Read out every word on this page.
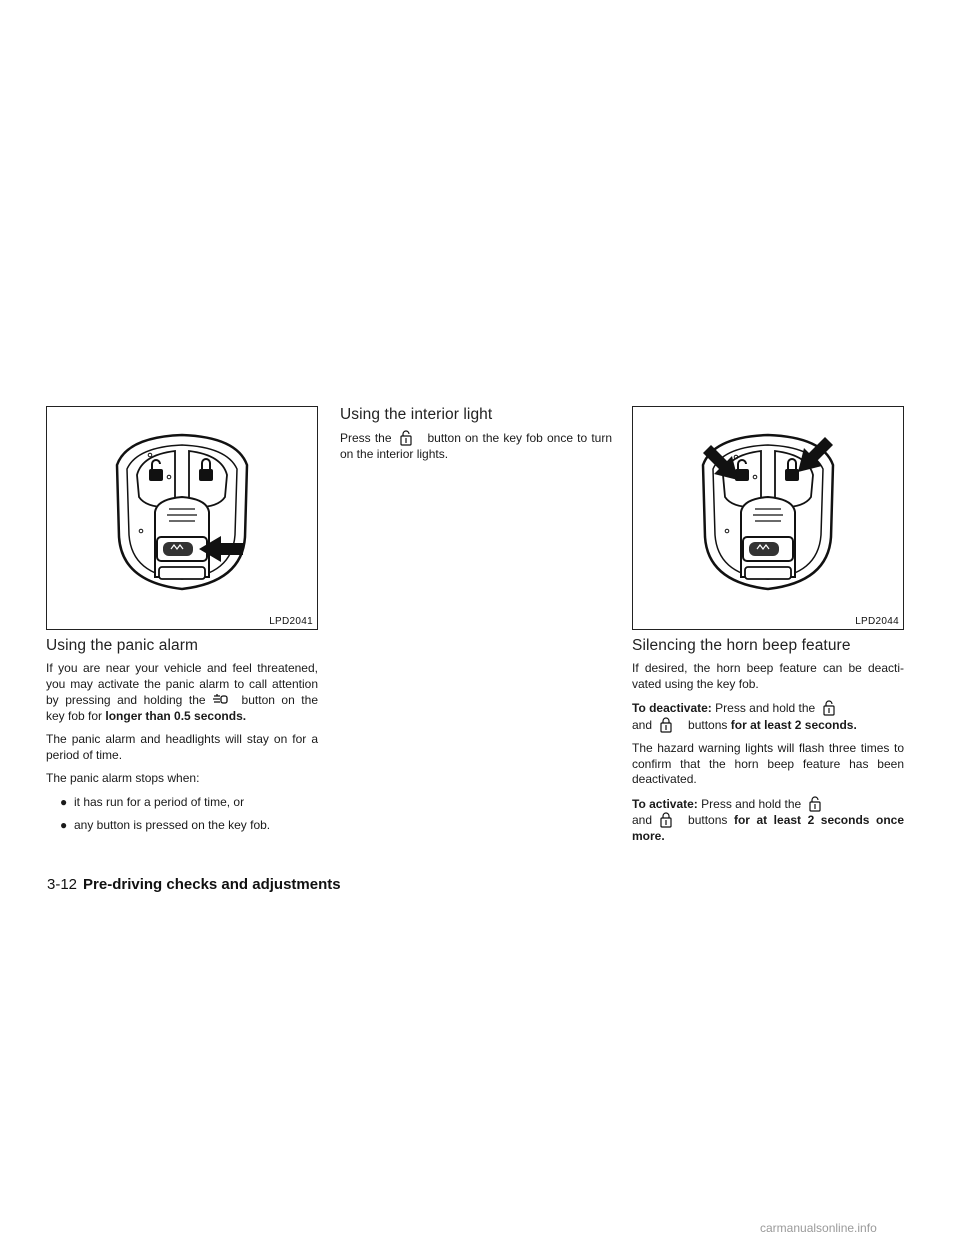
LPD2041	LPD2044
Using the panic alarm

If you are near your vehicle and feel threatened, you may activate the panic alarm to call attention by pressing and holding the	button on the key fob for longer than 0.5 seconds.

The panic alarm and headlights will stay on for a period of time.

The panic alarm stops when:

● it has run for a period of time, or
● any button is pressed on the key fob.
Using the interior light

Press the	button on the key fob once to turn on the interior lights.

Silencing the horn beep feature

If desired, the horn beep feature can be deacti-vated using the key fob.

To deactivate: Press and hold the
and	buttons for at least 2 seconds.

The hazard warning lights will flash three times to confirm that the horn beep feature has been deactivated.

To activate: Press and hold the
and	buttons for at least 2 seconds once more.

3-12 Pre-driving checks and adjustments
carmanualsonline.info
